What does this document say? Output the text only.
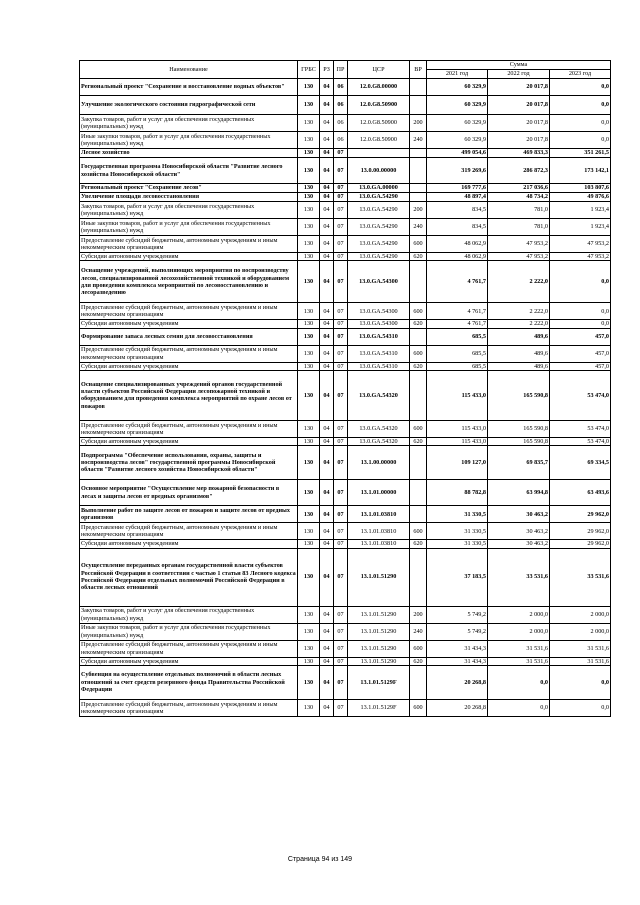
Наименование	ГРБС	РЗ	ПР	ЦСР	ВР	Сумма		
						2021 год	2022 год	2023 год
Региональный проект "Сохранение и восстановление водных объектов"	130	04	06	12.0.G8.00000		60 329,9	20 017,8	0,0
Улучшение экологического состояния гидрографической сети	130	04	06	12.0.G8.50900		60 329,9	20 017,8	0,0
Закупка товаров, работ и услуг для обеспечения государственных (муниципальных) нужд	130	04	06	12.0.G8.50900	200	60 329,9	20 017,8	0,0
Иные закупки товаров, работ и услуг для обеспечения государственных (муниципальных) нужд	130	04	06	12.0.G8.50900	240	60 329,9	20 017,8	0,0
Лесное хозяйство	130	04	07			499 054,6	469 833,3	351 261,5
Государственная программа Новосибирской области "Развитие лесного хозяйства Новосибирской области"	130	04	07	13.0.00.00000		319 269,6	286 872,3	173 142,1
Региональный проект "Сохранение лесов"	130	04	07	13.0.GA.00000		169 777,6	217 036,6	103 807,6
Увеличение площади лесовосстановления	130	04	07	13.0.GA.54290		48 897,4	48 734,2	49 876,6
Закупка товаров, работ и услуг для обеспечения государственных (муниципальных) нужд	130	04	07	13.0.GA.54290	200	834,5	781,0	1 923,4
Иные закупки товаров, работ и услуг для обеспечения государственных (муниципальных) нужд	130	04	07	13.0.GA.54290	240	834,5	781,0	1 923,4
Предоставление субсидий бюджетным, автономным учреждениям и иным некоммерческим организациям	130	04	07	13.0.GA.54290	600	48 062,9	47 953,2	47 953,2
Субсидии автономным учреждениям	130	04	07	13.0.GA.54290	620	48 062,9	47 953,2	47 953,2
Оснащение учреждений, выполняющих мероприятия по воспроизводству лесов, специализированной лесохозяйственной техникой и оборудованием для проведения комплекса мероприятий по лесовосстановлению и лесоразведению	130	04	07	13.0.GA.54300		4 761,7	2 222,0	0,0
Предоставление субсидий бюджетным, автономным учреждениям и иным некоммерческим организациям	130	04	07	13.0.GA.54300	600	4 761,7	2 222,0	0,0
Субсидии автономным учреждениям	130	04	07	13.0.GA.54300	620	4 761,7	2 222,0	0,0
Формирование запаса лесных семян для лесовосстановления	130	04	07	13.0.GA.54310		685,5	489,6	457,0
Предоставление субсидий бюджетным, автономным учреждениям и иным некоммерческим организациям	130	04	07	13.0.GA.54310	600	685,5	489,6	457,0
Субсидии автономным учреждениям	130	04	07	13.0.GA.54310	620	685,5	489,6	457,0
Оснащение специализированных учреждений органов государственной власти субъектов Российской Федерации лесопожарной техникой и оборудованием для проведения комплекса мероприятий по охране лесов от пожаров	130	04	07	13.0.GA.54320		115 433,0	165 590,8	53 474,0
Предоставление субсидий бюджетным, автономным учреждениям и иным некоммерческим организациям	130	04	07	13.0.GA.54320	600	115 433,0	165 590,8	53 474,0
Субсидии автономным учреждениям	130	04	07	13.0.GA.54320	620	115 433,0	165 590,8	53 474,0
Подпрограмма "Обеспечение использования, охраны, защиты и воспроизводства лесов" государственной программы Новосибирской области "Развитие лесного хозяйства Новосибирской области"	130	04	07	13.1.00.00000		109 127,0	69 835,7	69 334,5
Основное мероприятие "Осуществление мер пожарной безопасности в лесах и защиты лесов от вредных организмов"	130	04	07	13.1.01.00000		88 782,8	63 994,8	63 493,6
Выполнение работ по защите лесов от пожаров и защите лесов от вредных организмов	130	04	07	13.1.01.03810		31 330,5	30 463,2	29 962,0
Предоставление субсидий бюджетным, автономным учреждениям и иным некоммерческим организациям	130	04	07	13.1.01.03810	600	31 330,5	30 463,2	29 962,0
Субсидии автономным учреждениям	130	04	07	13.1.01.03810	620	31 330,5	30 463,2	29 962,0
Осуществление переданных органам государственной власти субъектов Российской Федерации в соответствии с частью 1 статьи 83 Лесного кодекса Российской Федерации отдельных полномочий Российской Федерации в области лесных отношений	130	04	07	13.1.01.51290		37 183,5	33 531,6	33 531,6
Закупка товаров, работ и услуг для обеспечения государственных (муниципальных) нужд	130	04	07	13.1.01.51290	200	5 749,2	2 000,0	2 000,0
Иные закупки товаров, работ и услуг для обеспечения государственных (муниципальных) нужд	130	04	07	13.1.01.51290	240	5 749,2	2 000,0	2 000,0
Предоставление субсидий бюджетным, автономным учреждениям и иным некоммерческим организациям	130	04	07	13.1.01.51290	600	31 434,3	31 531,6	31 531,6
Субсидии автономным учреждениям	130	04	07	13.1.01.51290	620	31 434,3	31 531,6	31 531,6
Субвенция на осуществление отдельных полномочий в области лесных отношений за счет средств резервного фонда Правительства Российской Федерации	130	04	07	13.1.01.5129F		20 268,8	0,0	0,0
Предоставление субсидий бюджетным, автономным учреждениям и иным некоммерческим организациям	130	04	07	13.1.01.5129F	600	20 268,8	0,0	0,0
Страница 94 из 149
